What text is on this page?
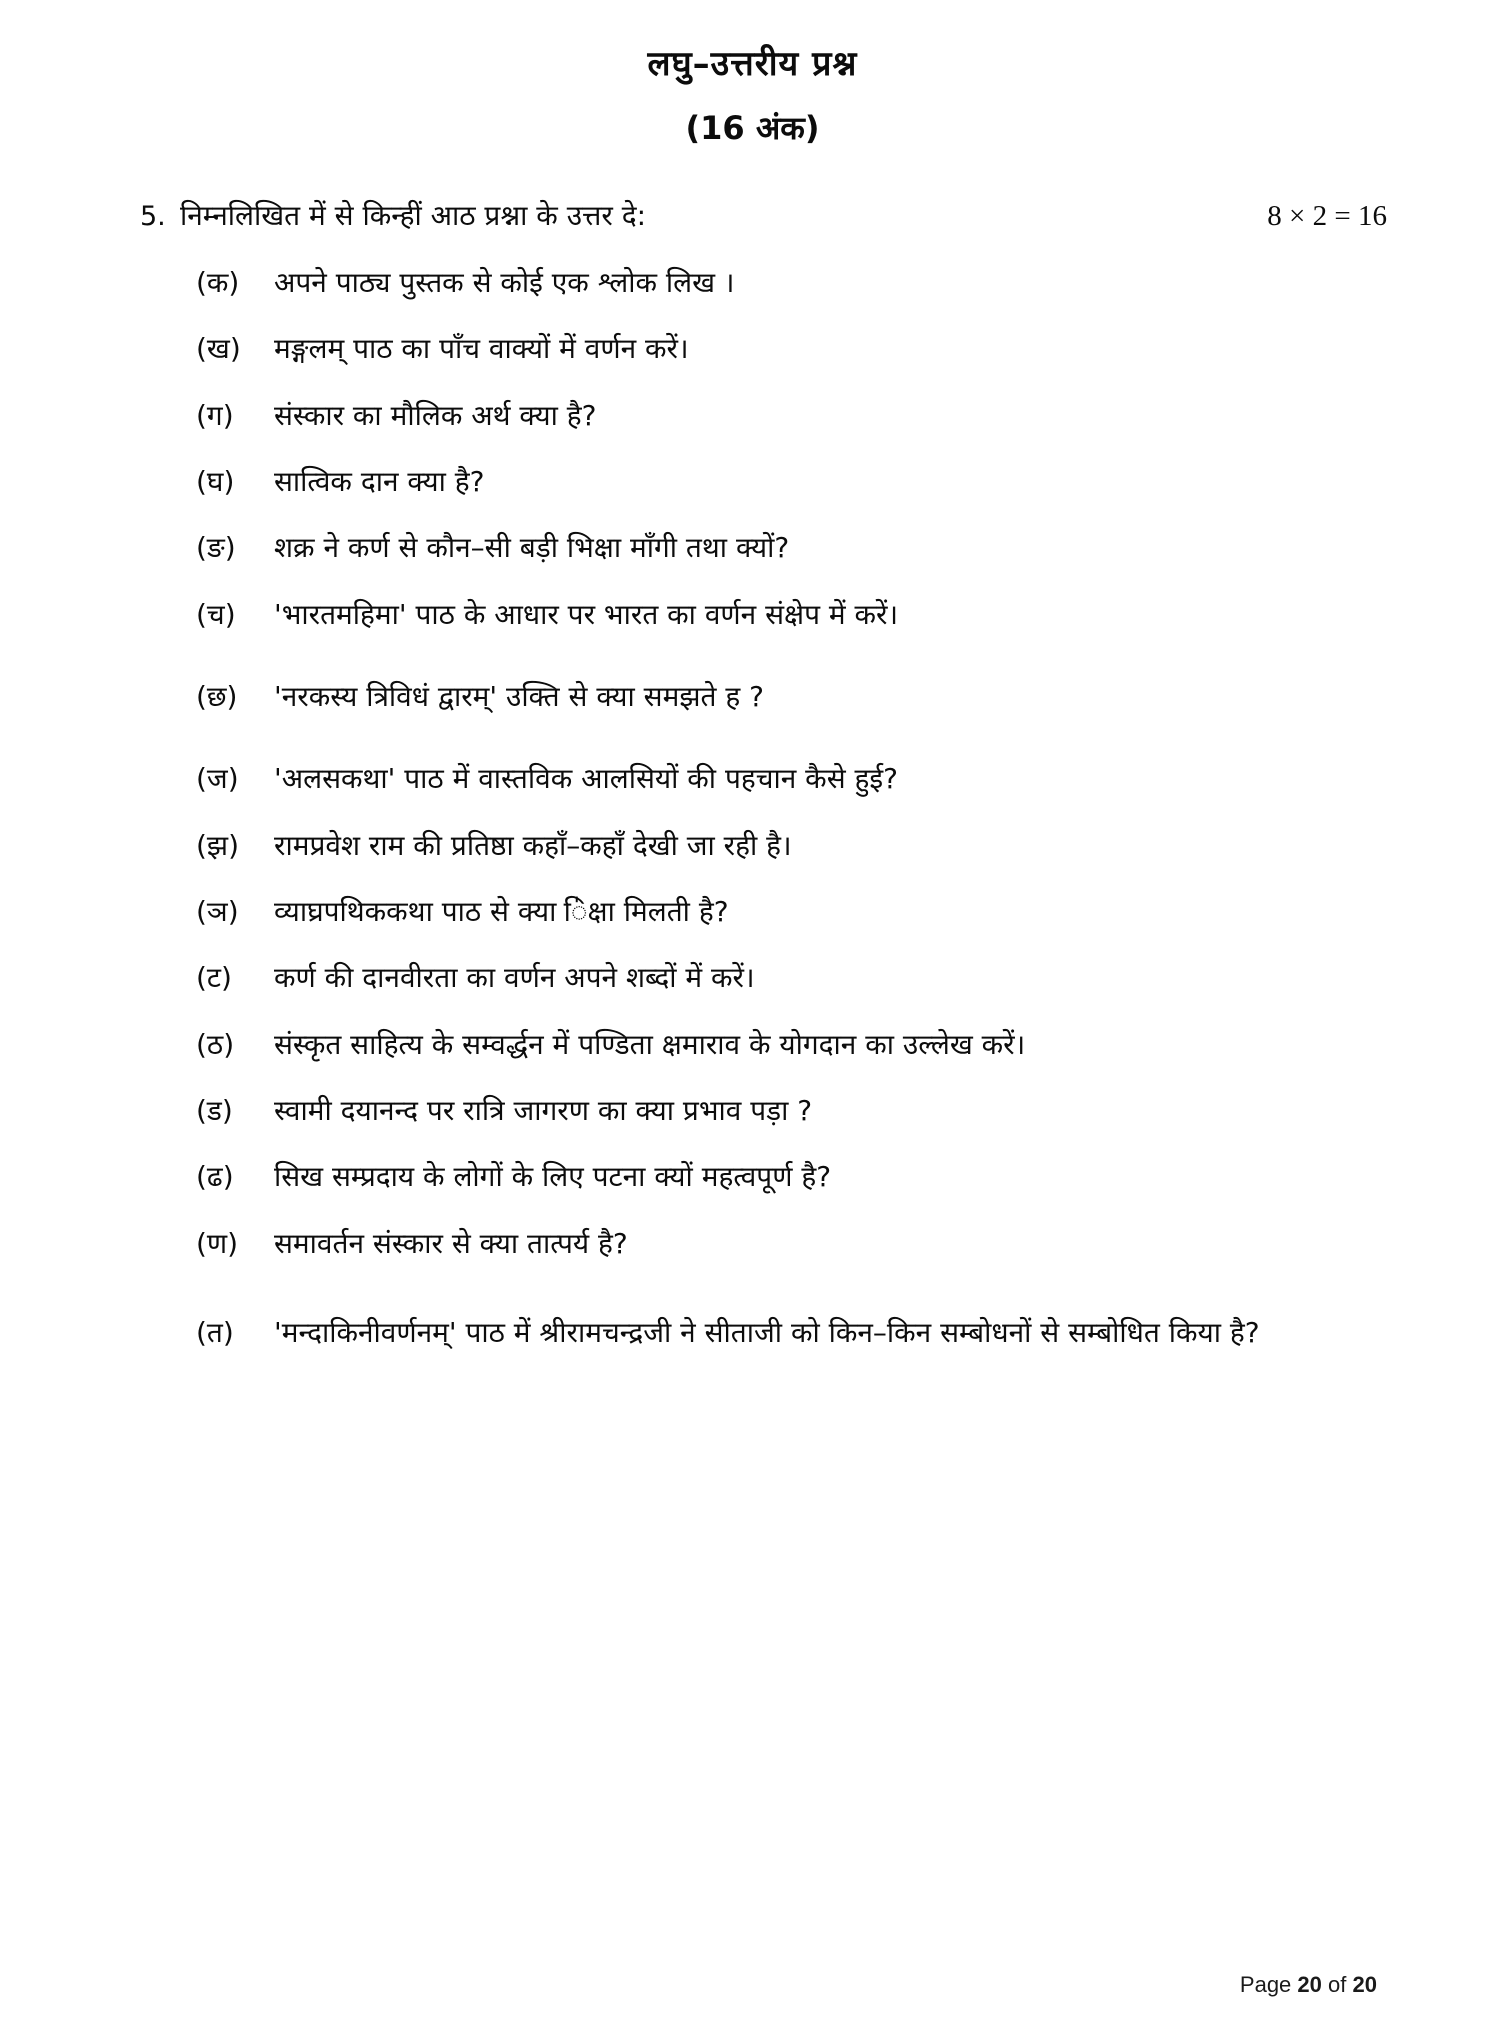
लघु–उत्तरीय प्रश्न
(16 अंक)
5. निम्नलिखित में से किन्हीं आठ प्रश्ना के उत्तर दे:	8 × 2 = 16
(क)	अपने पाठ्य पुस्तक से कोई एक श्लोक लिख ।
(ख)	मङ्गलम् पाठ का पाँच वाक्यों में वर्णन करें।
(ग)	संस्कार का मौलिक अर्थ क्या है?
(घ)	सात्विक दान क्या है?
(ङ)	शक्र ने कर्ण से कौन–सी बड़ी भिक्षा माँगी तथा क्यों?
(च)	'भारतमहिमा' पाठ के आधार पर भारत का वर्णन संक्षेप में करें।
(छ)	'नरकस्य त्रिविधं द्वारम्' उक्ति से क्या समझते ह ?
(ज)	'अलसकथा' पाठ में वास्तविक आलसियों की पहचान कैसे हुई?
(झ)	रामप्रवेश राम की प्रतिष्ठा कहाँ–कहाँ देखी जा रही है।
(ञ)	व्याघ्रपथिककथा पाठ से क्या ि॑क्षा मिलती है?
(ट)	कर्ण की दानवीरता का वर्णन अपने शब्दों में करें।
(ठ)	संस्कृत साहित्य के सम्वर्द्धन में पण्डिता क्षमाराव के योगदान का उल्लेख करें।
(ड)	स्वामी दयानन्द पर रात्रि जागरण का क्या प्रभाव पड़ा ?
(ढ)	सिख सम्प्रदाय के लोगों के लिए पटना क्यों महत्वपूर्ण है?
(ण)	समावर्तन संस्कार से क्या तात्पर्य है?
(त)	'मन्दाकिनीवर्णनम्' पाठ में श्रीरामचन्द्रजी ने सीताजी को किन–किन सम्बोधनों से सम्बोधित किया है?
Page 20 of 20
